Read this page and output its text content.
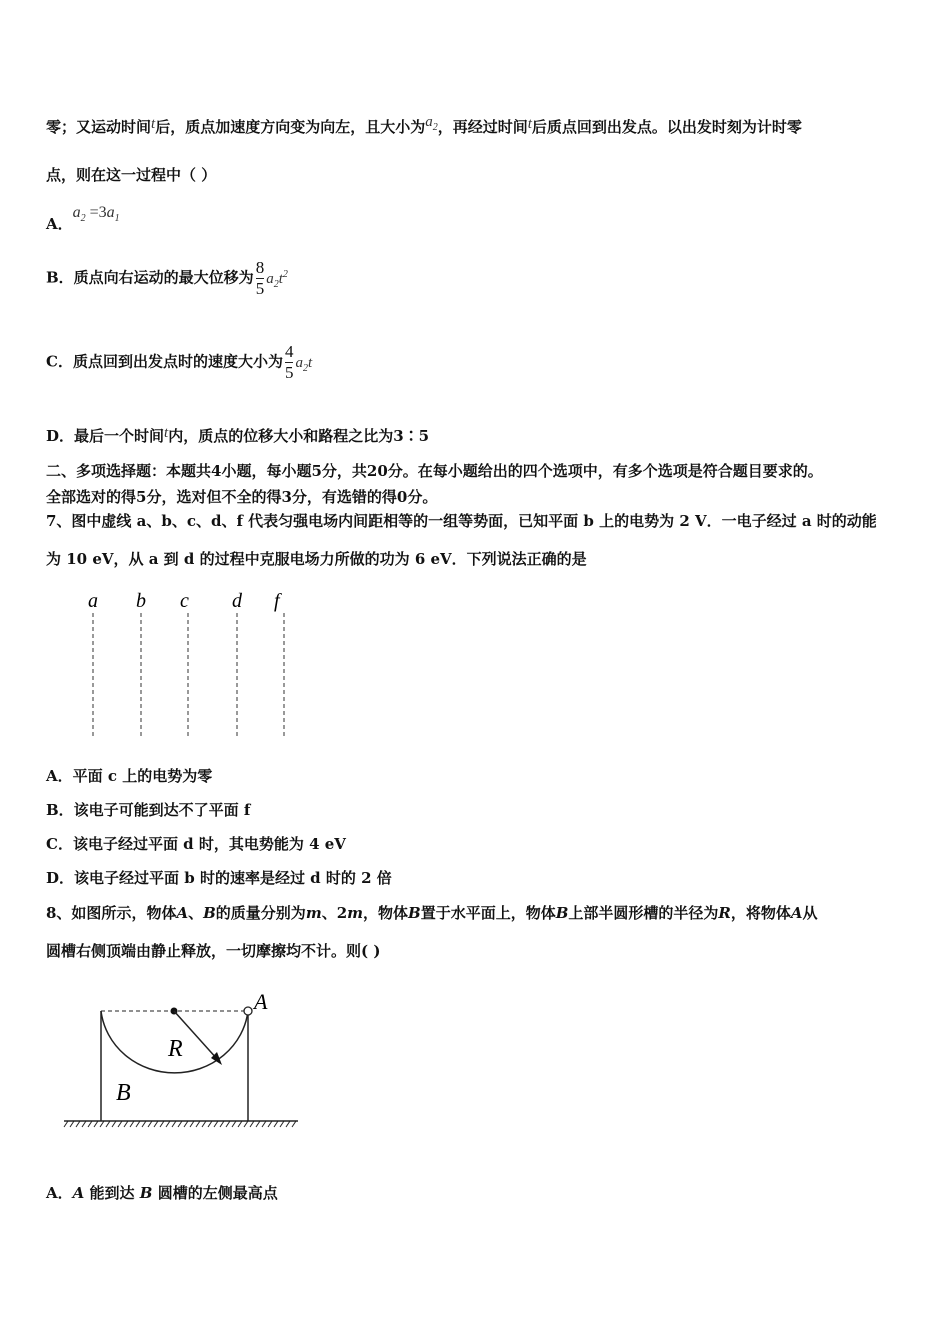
零；又运动时间t后，质点加速度方向变为向左，且大小为$a_2$，再经过时间t后质点回到出发点。以出发时刻为计时零
点，则在这一过程中（ ）
A．$a_2 =3a_1$
B．质点向右运动的最大位移为 $\frac{8}{5} a_2t^2$
C．质点回到出发点时的速度大小为 $\frac{4}{5} a_2t$
D．最后一个时间t内，质点的位移大小和路程之比为3∶5
二、多项选择题：本题共4小题，每小题5分，共20分。在每小题给出的四个选项中，有多个选项是符合题目要求的。
全部选对的得5分，选对但不全的得3分，有选错的得0分。
7、图中虚线 a、b、c、d、f 代表匀强电场内间距相等的一组等势面，已知平面 b 上的电势为 2 V．一电子经过 a 时的动能
为 10 eV，从 a 到 d 的过程中克服电场力所做的功为 6 eV．下列说法正确的是
a b c d f
A．平面 c 上的电势为零
B．该电子可能到达不了平面 f
C．该电子经过平面 d 时，其电势能为 4 eV
D．该电子经过平面 b 时的速率是经过 d 时的 2 倍
8、如图所示，物体A、B的质量分别为m、2m，物体B置于水平面上，物体B上部半圆形槽的半径为R，将物体A从
圆槽右侧顶端由静止释放，一切摩擦均不计。则( )
A
R
B
A．A 能到达 B 圆槽的左侧最高点
